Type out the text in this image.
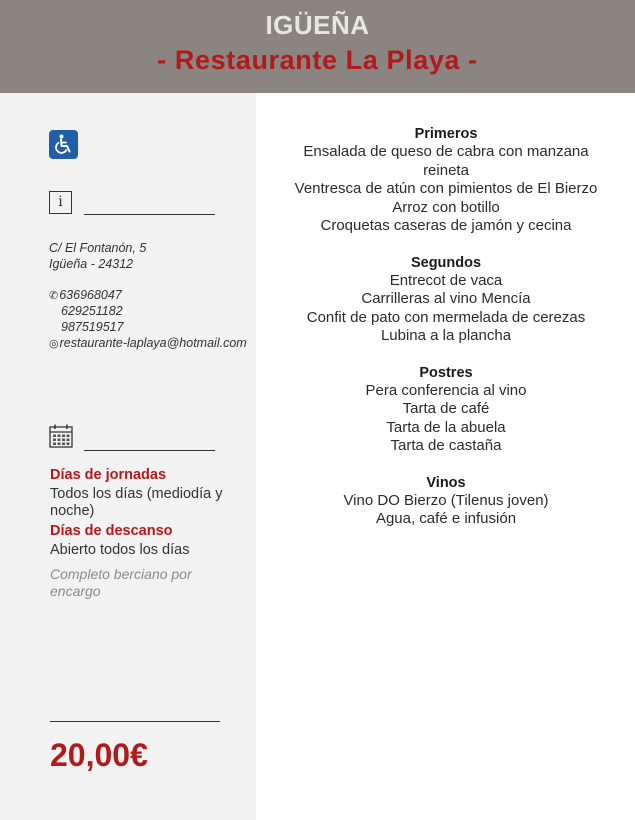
IGÜEÑA
- Restaurante La Playa -
i
C/ El Fontanón, 5
Igüeña - 24312
✆636968047
629251182
987519517
◎restaurante-laplaya@hotmail.com
Días de jornadas
Todos los días (mediodía y noche)
Días de descanso
Abierto todos los días
Completo berciano por encargo
20,00€
Primeros
Ensalada de queso de cabra con manzana reineta
Ventresca de atún con pimientos de El Bierzo
Arroz con botillo
Croquetas caseras de jamón y cecina
Segundos
Entrecot de vaca
Carrilleras al vino Mencía
Confit de pato con mermelada de cerezas
Lubina a la plancha
Postres
Pera conferencia al vino
Tarta de café
Tarta de la abuela
Tarta de castaña
Vinos
Vino DO Bierzo (Tilenus joven)
Agua, café e infusión
